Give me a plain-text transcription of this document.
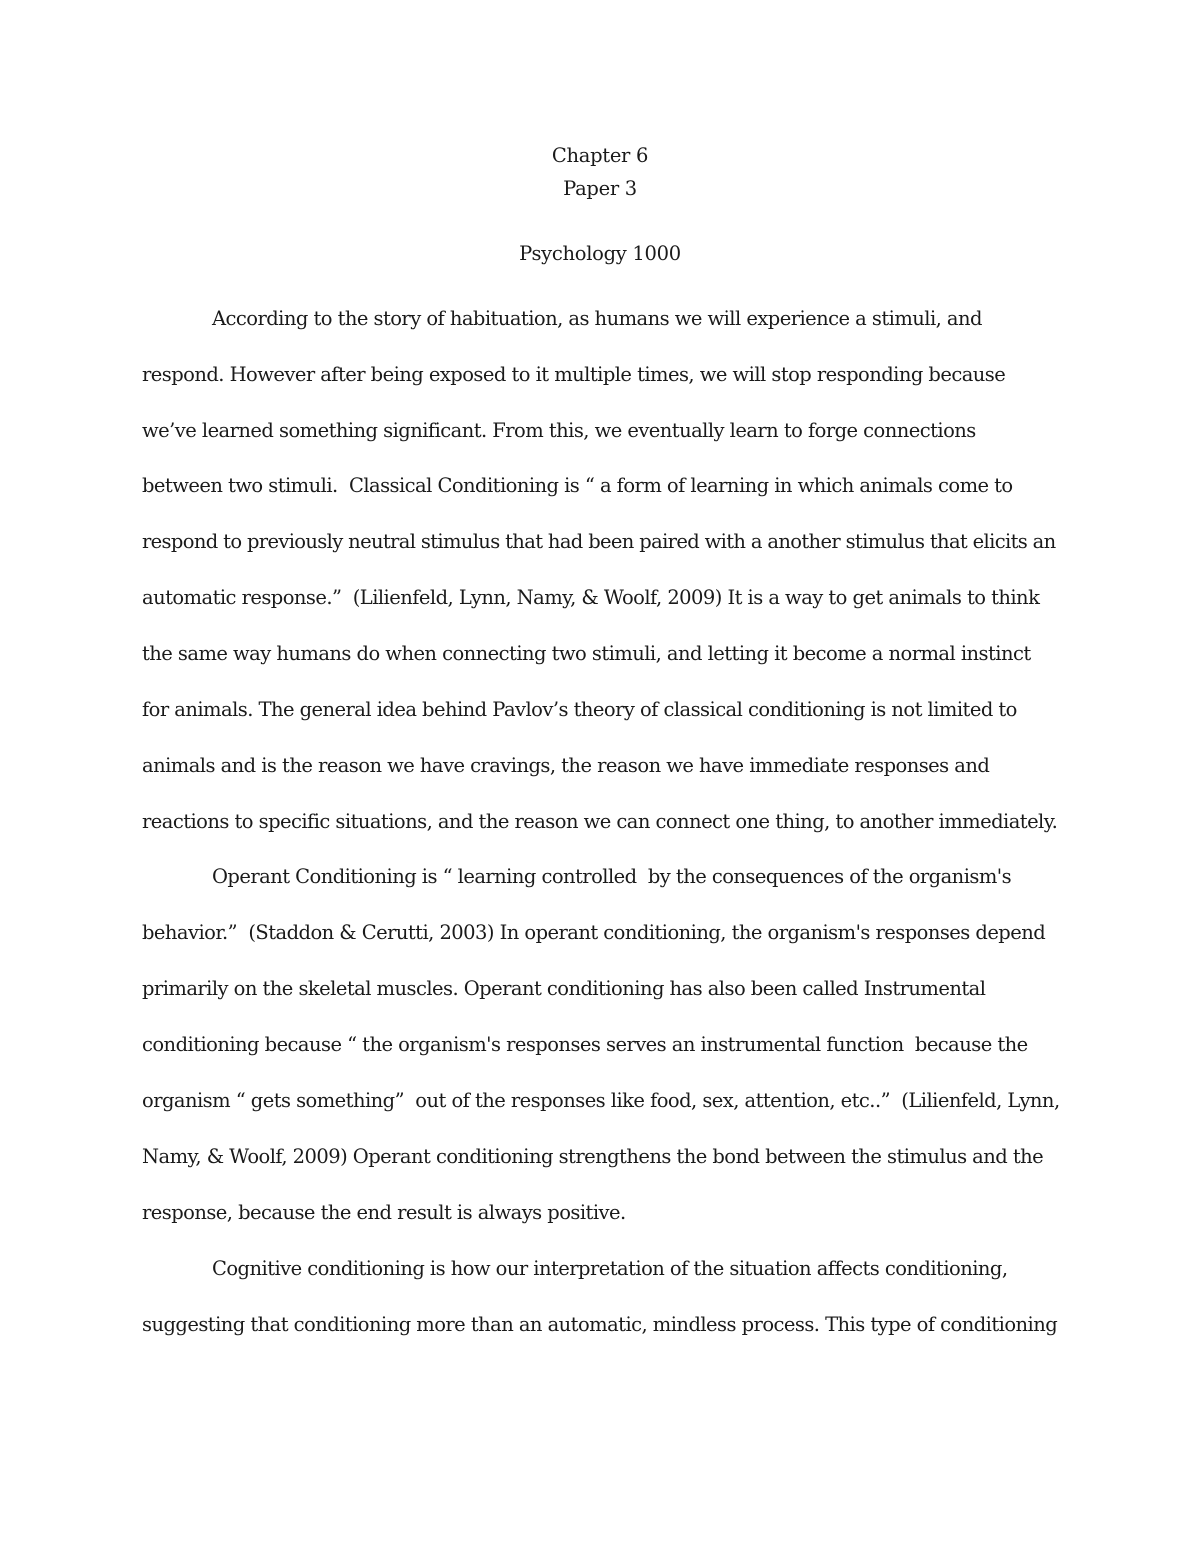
Chapter 6
Paper 3
Psychology 1000
According to the story of habituation, as humans we will experience a stimuli, and
respond. However after being exposed to it multiple times, we will stop responding because
we’ve learned something significant. From this, we eventually learn to forge connections
between two stimuli.  Classical Conditioning is “ a form of learning in which animals come to
respond to previously neutral stimulus that had been paired with a another stimulus that elicits an
automatic response.”  (Lilienfeld, Lynn, Namy, & Woolf, 2009) It is a way to get animals to think
the same way humans do when connecting two stimuli, and letting it become a normal instinct
for animals. The general idea behind Pavlov’s theory of classical conditioning is not limited to
animals and is the reason we have cravings, the reason we have immediate responses and
reactions to specific situations, and the reason we can connect one thing, to another immediately.
Operant Conditioning is “ learning controlled  by the consequences of the organism's
behavior.”  (Staddon & Cerutti, 2003) In operant conditioning, the organism's responses depend
primarily on the skeletal muscles. Operant conditioning has also been called Instrumental
conditioning because “ the organism's responses serves an instrumental function  because the
organism “ gets something”  out of the responses like food, sex, attention, etc..”  (Lilienfeld, Lynn,
Namy, & Woolf, 2009) Operant conditioning strengthens the bond between the stimulus and the
response, because the end result is always positive.
Cognitive conditioning is how our interpretation of the situation affects conditioning,
suggesting that conditioning more than an automatic, mindless process. This type of conditioning
